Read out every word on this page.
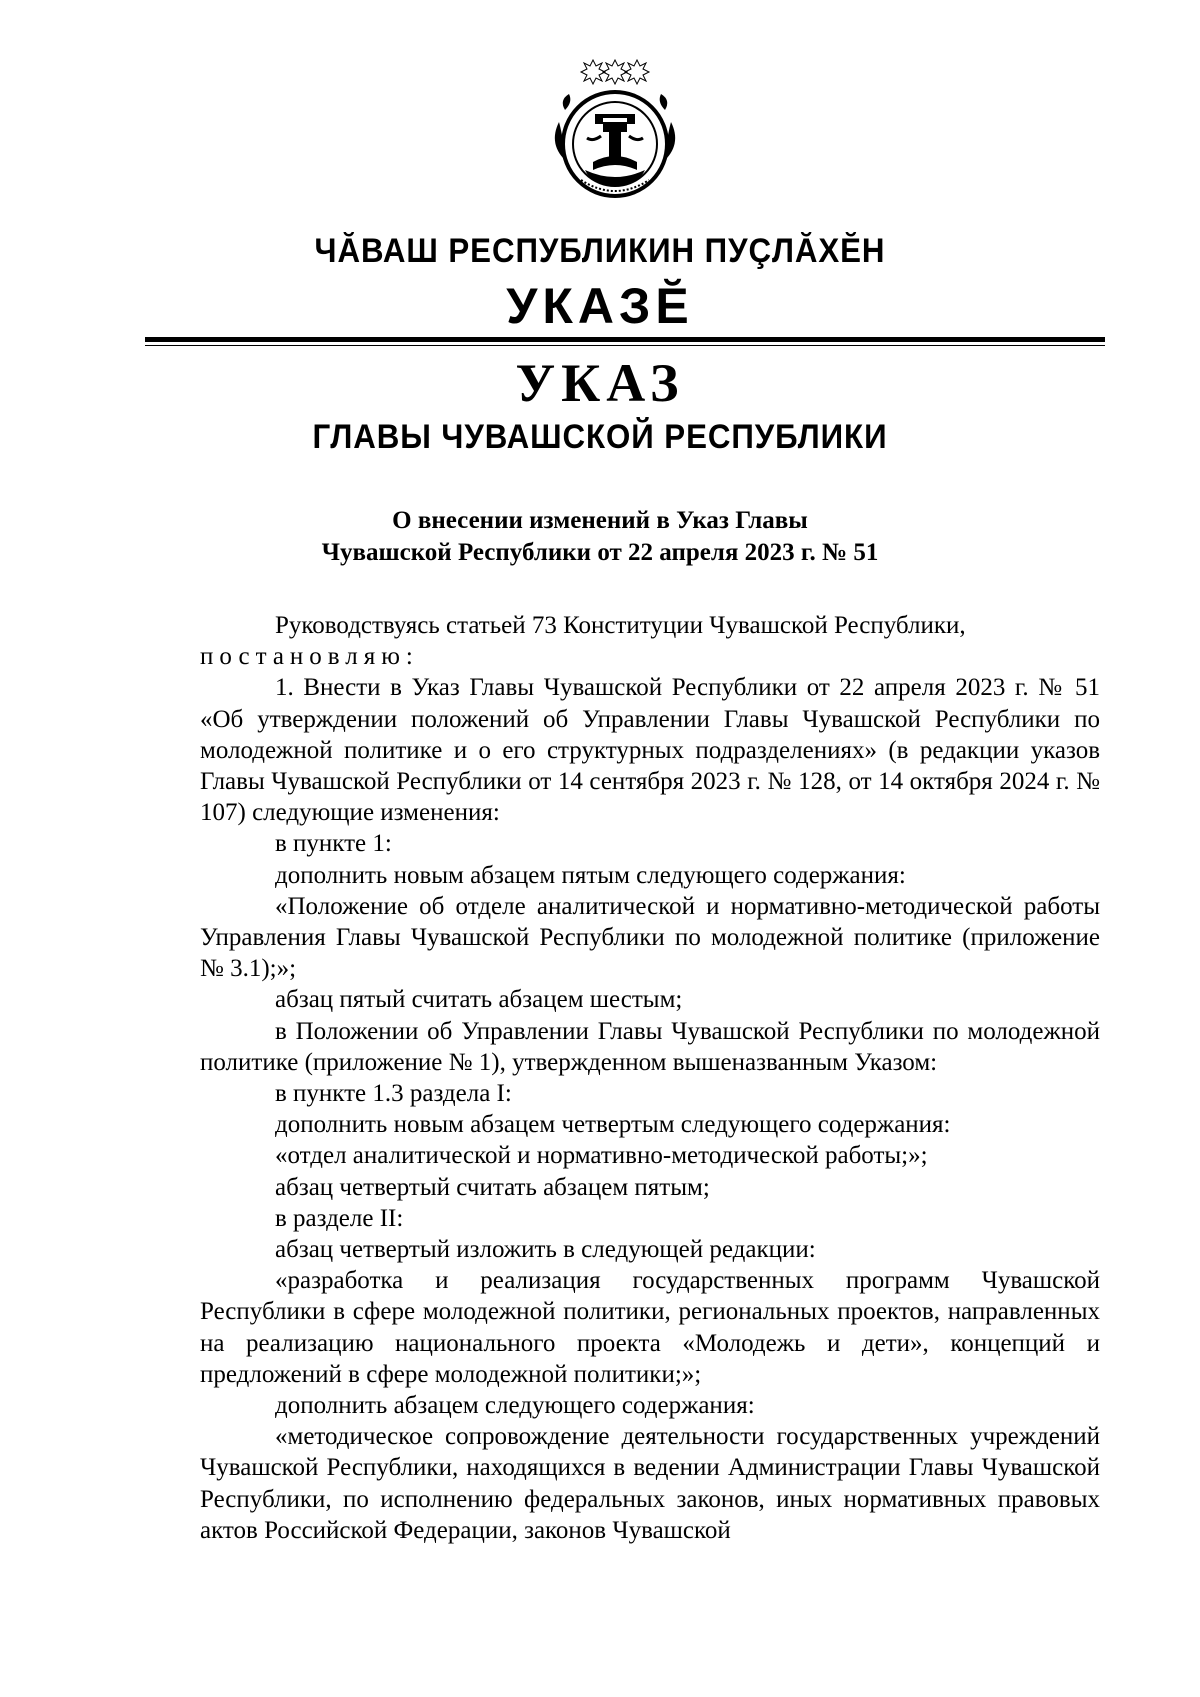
ЧĂВАШ РЕСПУБЛИКИН ПУÇЛĂХĔН
УКАЗĔ
УКАЗ
ГЛАВЫ ЧУВАШСКОЙ РЕСПУБЛИКИ
О внесении изменений в Указ Главы
Чувашской Республики от 22 апреля 2023 г. № 51

Руководствуясь статьей 73 Конституции Чувашской Республики,

постановляю:

1. Внести в Указ Главы Чувашской Республики от 22 апреля 2023 г. № 51 «Об утверждении положений об Управлении Главы Чувашской Республики по молодежной политике и о его структурных подразделениях» (в редакции указов Главы Чувашской Республики от 14 сентября 2023 г. № 128, от 14 октября 2024 г. № 107) следующие изменения:

в пункте 1:

дополнить новым абзацем пятым следующего содержания:

«Положение об отделе аналитической и нормативно-методической работы Управления Главы Чувашской Республики по молодежной политике (приложение № 3.1);»;

абзац пятый считать абзацем шестым;

в Положении об Управлении Главы Чувашской Республики по молодежной политике (приложение № 1), утвержденном вышеназванным Указом:

в пункте 1.3 раздела I:

дополнить новым абзацем четвертым следующего содержания:

«отдел аналитической и нормативно-методической работы;»;

абзац четвертый считать абзацем пятым;

в разделе II:

абзац четвертый изложить в следующей редакции:

«разработка и реализация государственных программ Чувашской Республики в сфере молодежной политики, региональных проектов, направленных на реализацию национального проекта «Молодежь и дети», концепций и предложений в сфере молодежной политики;»;

дополнить абзацем следующего содержания:

«методическое сопровождение деятельности государственных учреждений Чувашской Республики, находящихся в ведении Администрации Главы Чувашской Республики, по исполнению федеральных законов, иных нормативных правовых актов Российской Федерации, законов Чувашской
